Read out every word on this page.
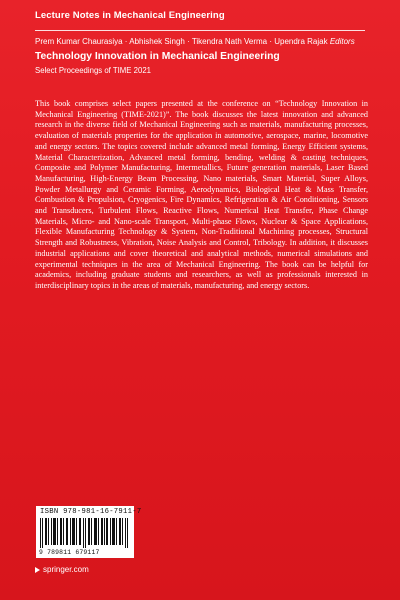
Lecture Notes in Mechanical Engineering
Prem Kumar Chaurasiya · Abhishek Singh · Tikendra Nath Verma · Upendra Rajak Editors
Technology Innovation in Mechanical Engineering
Select Proceedings of TIME 2021

This book comprises select papers presented at the conference on “Technology Innovation in Mechanical Engineering (TIME-2021)”. The book discusses the latest innovation and advanced research in the diverse field of Mechanical Engineering such as materials, manufacturing processes, evaluation of materials properties for the application in automotive, aerospace, marine, locomotive and energy sectors. The topics covered include advanced metal forming, Energy Efficient systems, Material Characterization, Advanced metal forming, bending, welding & casting techniques, Composite and Polymer Manufacturing, Intermetallics, Future generation materials, Laser Based Manufacturing, High-Energy Beam Processing, Nano materials, Smart Material, Super Alloys, Powder Metallurgy and Ceramic Forming, Aerodynamics, Biological Heat & Mass Transfer, Combustion & Propulsion, Cryogenics, Fire Dynamics, Refrigeration & Air Conditioning, Sensors and Transducers, Turbulent Flows, Reactive Flows, Numerical Heat Transfer, Phase Change Materials, Micro- and Nano-scale Transport, Multi-phase Flows, Nuclear & Space Applications, Flexible Manufacturing Technology & System, Non-Traditional Machining processes, Structural Strength and Robustness, Vibration, Noise Analysis and Control, Tribology. In addition, it discusses industrial applications and cover theoretical and analytical methods, numerical simulations and experimental techniques in the area of Mechanical Engineering. The book can be helpful for academics, including graduate students and researchers, as well as professionals interested in interdisciplinary topics in the areas of materials, manufacturing, and energy sectors.

ISBN 978-981-16-7911-7
9 789811 679117
springer.com
